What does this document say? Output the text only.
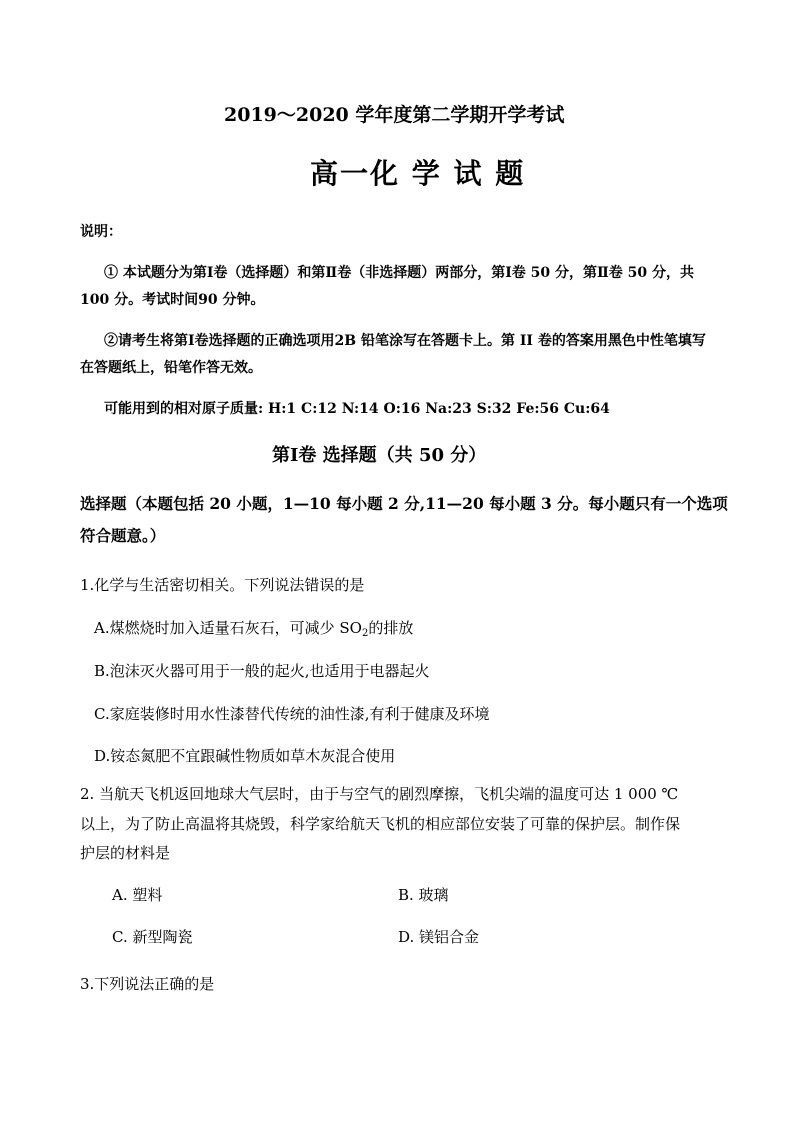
2019～2020 学年度第二学期开学考试
高一化 学 试 题
说明：
① 本试题分为第Ⅰ卷（选择题）和第Ⅱ卷（非选择题）两部分，第Ⅰ卷 50 分，第Ⅱ卷 50 分，共
100 分。考试时间90 分钟。
②请考生将第Ⅰ卷选择题的正确选项用2B 铅笔涂写在答题卡上。第 II 卷的答案用黑色中性笔填写
在答题纸上，铅笔作答无效。
可能用到的相对原子质量: H:1 C:12 N:14 O:16 Na:23 S:32 Fe:56 Cu:64
第Ⅰ卷 选择题（共 50 分）
选择题（本题包括 20 小题，1—10 每小题 2 分,11—20 每小题 3 分。每小题只有一个选项
符合题意。）
1.化学与生活密切相关。下列说法错误的是
A.煤燃烧时加入适量石灰石，可减少 $SO_2$的排放
B.泡沫灭火器可用于一般的起火,也适用于电器起火
C.家庭装修时用水性漆替代传统的油性漆,有利于健康及环境
D.铵态氮肥不宜跟碱性物质如草木灰混合使用
2. 当航天飞机返回地球大气层时，由于与空气的剧烈摩擦，飞机尖端的温度可达 1 000 ℃
以上，为了防止高温将其烧毁，科学家给航天飞机的相应部位安装了可靠的保护层。制作保
护层的材料是
A. 塑料	B. 玻璃
C. 新型陶瓷	D. 镁铝合金
3.下列说法正确的是
